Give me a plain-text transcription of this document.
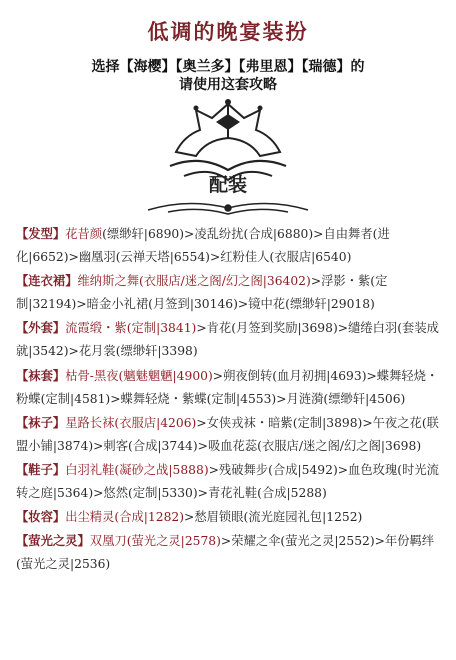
低调的晚宴装扮
选择【海樱】【奥兰多】【弗里恩】【瑞德】的
请使用这套攻略
配装

【发型】花昔颜(缥缈轩|6890)>凌乱纷扰(合成|6880)>自由舞者(进化|6652)>幽凰羽(云禅天塔|6554)>红粉佳人(衣服店|6540)

【连衣裙】维纳斯之舞(衣服店/迷之阁/幻之阁|36402)>浮影・紫(定制|32194)>暗金小礼裙(月签到|30146)>镜中花(缥缈轩|29018)

【外套】流霞缎・紫(定制|3841)>肯花(月签到奖励|3698)>缱绻白羽(套装成就|3542)>花月裳(缥缈轩|3398)

【袜套】枯骨-黑夜(魑魅魍魉|4900)>朔夜倒转(血月初拥|4693)>蝶舞轻烧・粉蝶(定制|4581)>蝶舞轻烧・紫蝶(定制|4553)>月涟漪(缥缈轩|4506)

【袜子】星路长袜(衣服店|4206)>女侠戎袜・暗紫(定制|3898)>午夜之花(联盟小铺|3874)>刺客(合成|3744)>吸血花蕊(衣服店/迷之阁/幻之阁|3698)

【鞋子】白羽礼鞋(凝砂之战|5888)>残破舞步(合成|5492)>血色玫瑰(时光流转之庭|5364)>悠然(定制|5330)>青花礼鞋(合成|5288)

【妆容】出尘精灵(合成|1282)>愁眉锁眼(流光庭园礼包|1252)

【萤光之灵】双凰刀(萤光之灵|2578)>荣耀之伞(萤光之灵|2552)>年份羁绊(萤光之灵|2536)
